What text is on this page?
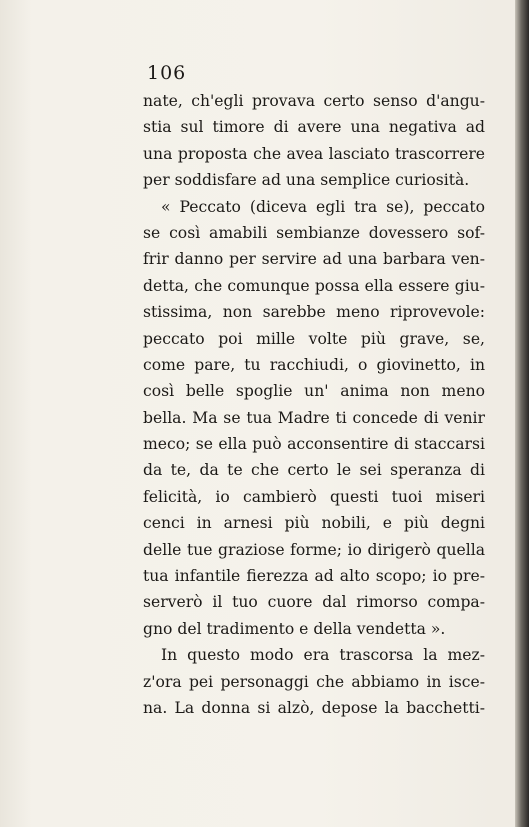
106
nate, ch'egli provava certo senso d'angu-
stia sul timore di avere una negativa ad
una proposta che avea lasciato trascorrere
per soddisfare ad una semplice curiosità.
« Peccato (diceva egli tra se), peccato
se così amabili sembianze dovessero sof-
frir danno per servire ad una barbara ven-
detta, che comunque possa ella essere giu-
stissima, non sarebbe meno riprovevole:
peccato poi mille volte più grave, se,
come pare, tu racchiudi, o giovinetto, in
così belle spoglie un' anima non meno
bella. Ma se tua Madre ti concede di venir
meco; se ella può acconsentire di staccarsi
da te, da te che certo le sei speranza di
felicità, io cambierò questi tuoi miseri
cenci in arnesi più nobili, e più degni
delle tue graziose forme; io dirigerò quella
tua infantile fierezza ad alto scopo; io pre-
serverò il tuo cuore dal rimorso compa-
gno del tradimento e della vendetta ».
In questo modo era trascorsa la mez-
z'ora pei personaggi che abbiamo in isce-
na. La donna si alzò, depose la bacchetti-
